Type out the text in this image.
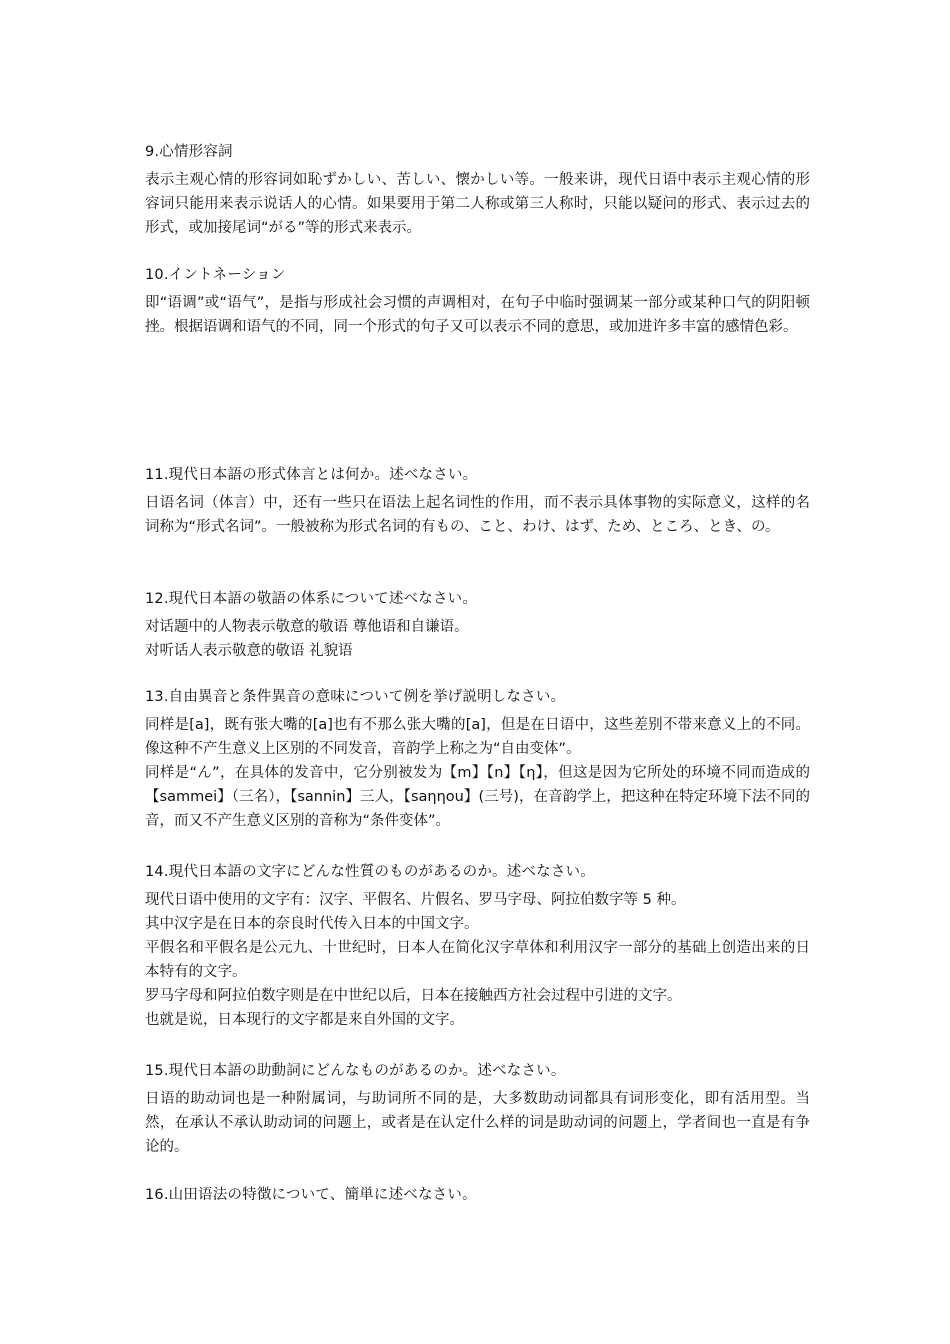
9.心情形容詞

表示主观心情的形容词如恥ずかしい、苦しい、懐かしい等。一般来讲，现代日语中表示主观心情的形容词只能用来表示说话人的心情。如果要用于第二人称或第三人称时，只能以疑问的形式、表示过去的形式，或加接尾词“がる”等的形式来表示。

10.イントネーション

即“语调”或“语气”，是指与形成社会习惯的声调相对，在句子中临时强调某一部分或某种口气的阴阳顿挫。根据语调和语气的不同，同一个形式的句子又可以表示不同的意思，或加进许多丰富的感情色彩。

11.現代日本語の形式体言とは何か。述べなさい。

日语名词（体言）中，还有一些只在语法上起名词性的作用，而不表示具体事物的实际意义，这样的名词称为“形式名词”。一般被称为形式名词的有もの、こと、わけ、はず、ため、ところ、とき、の。

12.現代日本語の敬語の体系について述べなさい。

对话题中的人物表示敬意的敬语 尊他语和自谦语。

对听话人表示敬意的敬语 礼貌语

13.自由異音と条件異音の意味について例を挙げ説明しなさい。

同样是[a]，既有张大嘴的[a]也有不那么张大嘴的[a]，但是在日语中，这些差别不带来意义上的不同。像这种不产生意义上区别的不同发音，音韵学上称之为“自由变体”。

同样是“ん”，在具体的发音中，它分别被发为【m】【n】【η】，但这是因为它所处的环境不同而造成的【sammei】（三名），【sannin】三人，【saηηou】(三号)，在音韵学上，把这种在特定环境下法不同的音，而又不产生意义区别的音称为“条件变体”。

14.現代日本語の文字にどんな性質のものがあるのか。述べなさい。

现代日语中使用的文字有：汉字、平假名、片假名、罗马字母、阿拉伯数字等 5 种。

其中汉字是在日本的奈良时代传入日本的中国文字。

平假名和平假名是公元九、十世纪时，日本人在简化汉字草体和利用汉字一部分的基础上创造出来的日本特有的文字。

罗马字母和阿拉伯数字则是在中世纪以后，日本在接触西方社会过程中引进的文字。

也就是说，日本现行的文字都是来自外国的文字。

15.現代日本語の助動詞にどんなものがあるのか。述べなさい。

日语的助动词也是一种附属词，与助词所不同的是，大多数助动词都具有词形变化，即有活用型。当然，在承认不承认助动词的问题上，或者是在认定什么样的词是助动词的问题上，学者间也一直是有争论的。

16.山田语法の特徴について、簡単に述べなさい。
